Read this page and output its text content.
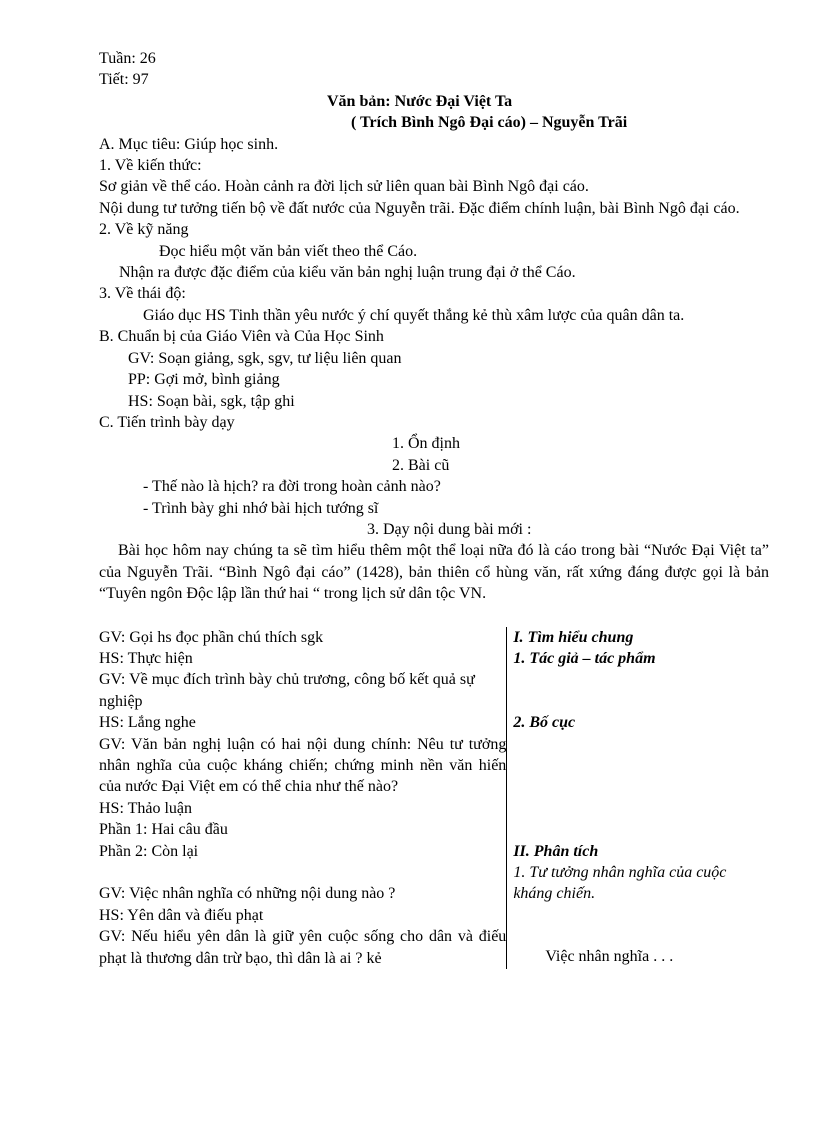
Tuần: 26
Tiết: 97
Văn bản: Nước Đại Việt Ta
( Trích Bình Ngô Đại cáo) – Nguyễn Trãi
A. Mục tiêu: Giúp học sinh.
1. Về kiến thức:
Sơ giản về thể cáo. Hoàn cảnh ra đời lịch sử liên quan bài Bình Ngô đại cáo.
Nội dung tư tưởng tiến bộ về đất nước của Nguyễn trãi. Đặc điểm chính luận, bài Bình Ngô đại cáo.
2. Về kỹ năng
Đọc hiểu một văn bản viết theo thể Cáo.
Nhận ra được đặc điểm của kiểu văn bản nghị luận trung đại ở thể Cáo.
3. Về thái độ:
Giáo dục HS Tinh thần yêu nước ý chí quyết thắng kẻ thù xâm lược của quân dân ta.
B. Chuẩn bị của Giáo Viên và Của Học Sinh
GV: Soạn giảng, sgk, sgv, tư liệu liên quan
PP: Gợi mở, bình giảng
HS: Soạn bài, sgk, tập ghi
C. Tiến trình bày dạy
1. Ổn định
2. Bài cũ
- Thế nào là hịch? ra đời trong hoàn cảnh nào?
- Trình bày ghi nhớ bài hịch tướng sĩ
3. Dạy nội dung bài mới :
Bài học hôm nay chúng ta sẽ tìm hiểu thêm một thể loại nữa đó là cáo trong bài “Nước Đại Việt ta” của Nguyễn Trãi. “Bình Ngô đại cáo” (1428), bản thiên cổ hùng văn, rất xứng đáng được gọi là bản “Tuyên ngôn Độc lập lần thứ hai “ trong lịch sử dân tộc VN.
GV: Gọi hs đọc phần chú thích sgk
HS: Thực hiện
GV: Về mục đích trình bày chủ trương, công bố kết quả sự nghiệp
HS: Lắng nghe
GV: Văn bản nghị luận có hai nội dung chính: Nêu tư tưởng nhân nghĩa của cuộc kháng chiến; chứng minh nền văn hiến của nước Đại Việt em có thể chia như thế nào?
HS: Thảo luận
Phần 1: Hai câu đầu
Phần 2: Còn lại
GV: Việc nhân nghĩa có những nội dung nào ?
HS: Yên dân và điếu phạt
GV: Nếu hiểu yên dân là giữ yên cuộc sống cho dân và điếu phạt là thương dân trừ bạo, thì dân là ai ? kẻ
I. Tìm hiểu chung
1. Tác giả – tác phẩm
2. Bố cục
II. Phân tích
1. Tư tưởng nhân nghĩa của cuộc kháng chiến.
Việc nhân nghĩa . . .
